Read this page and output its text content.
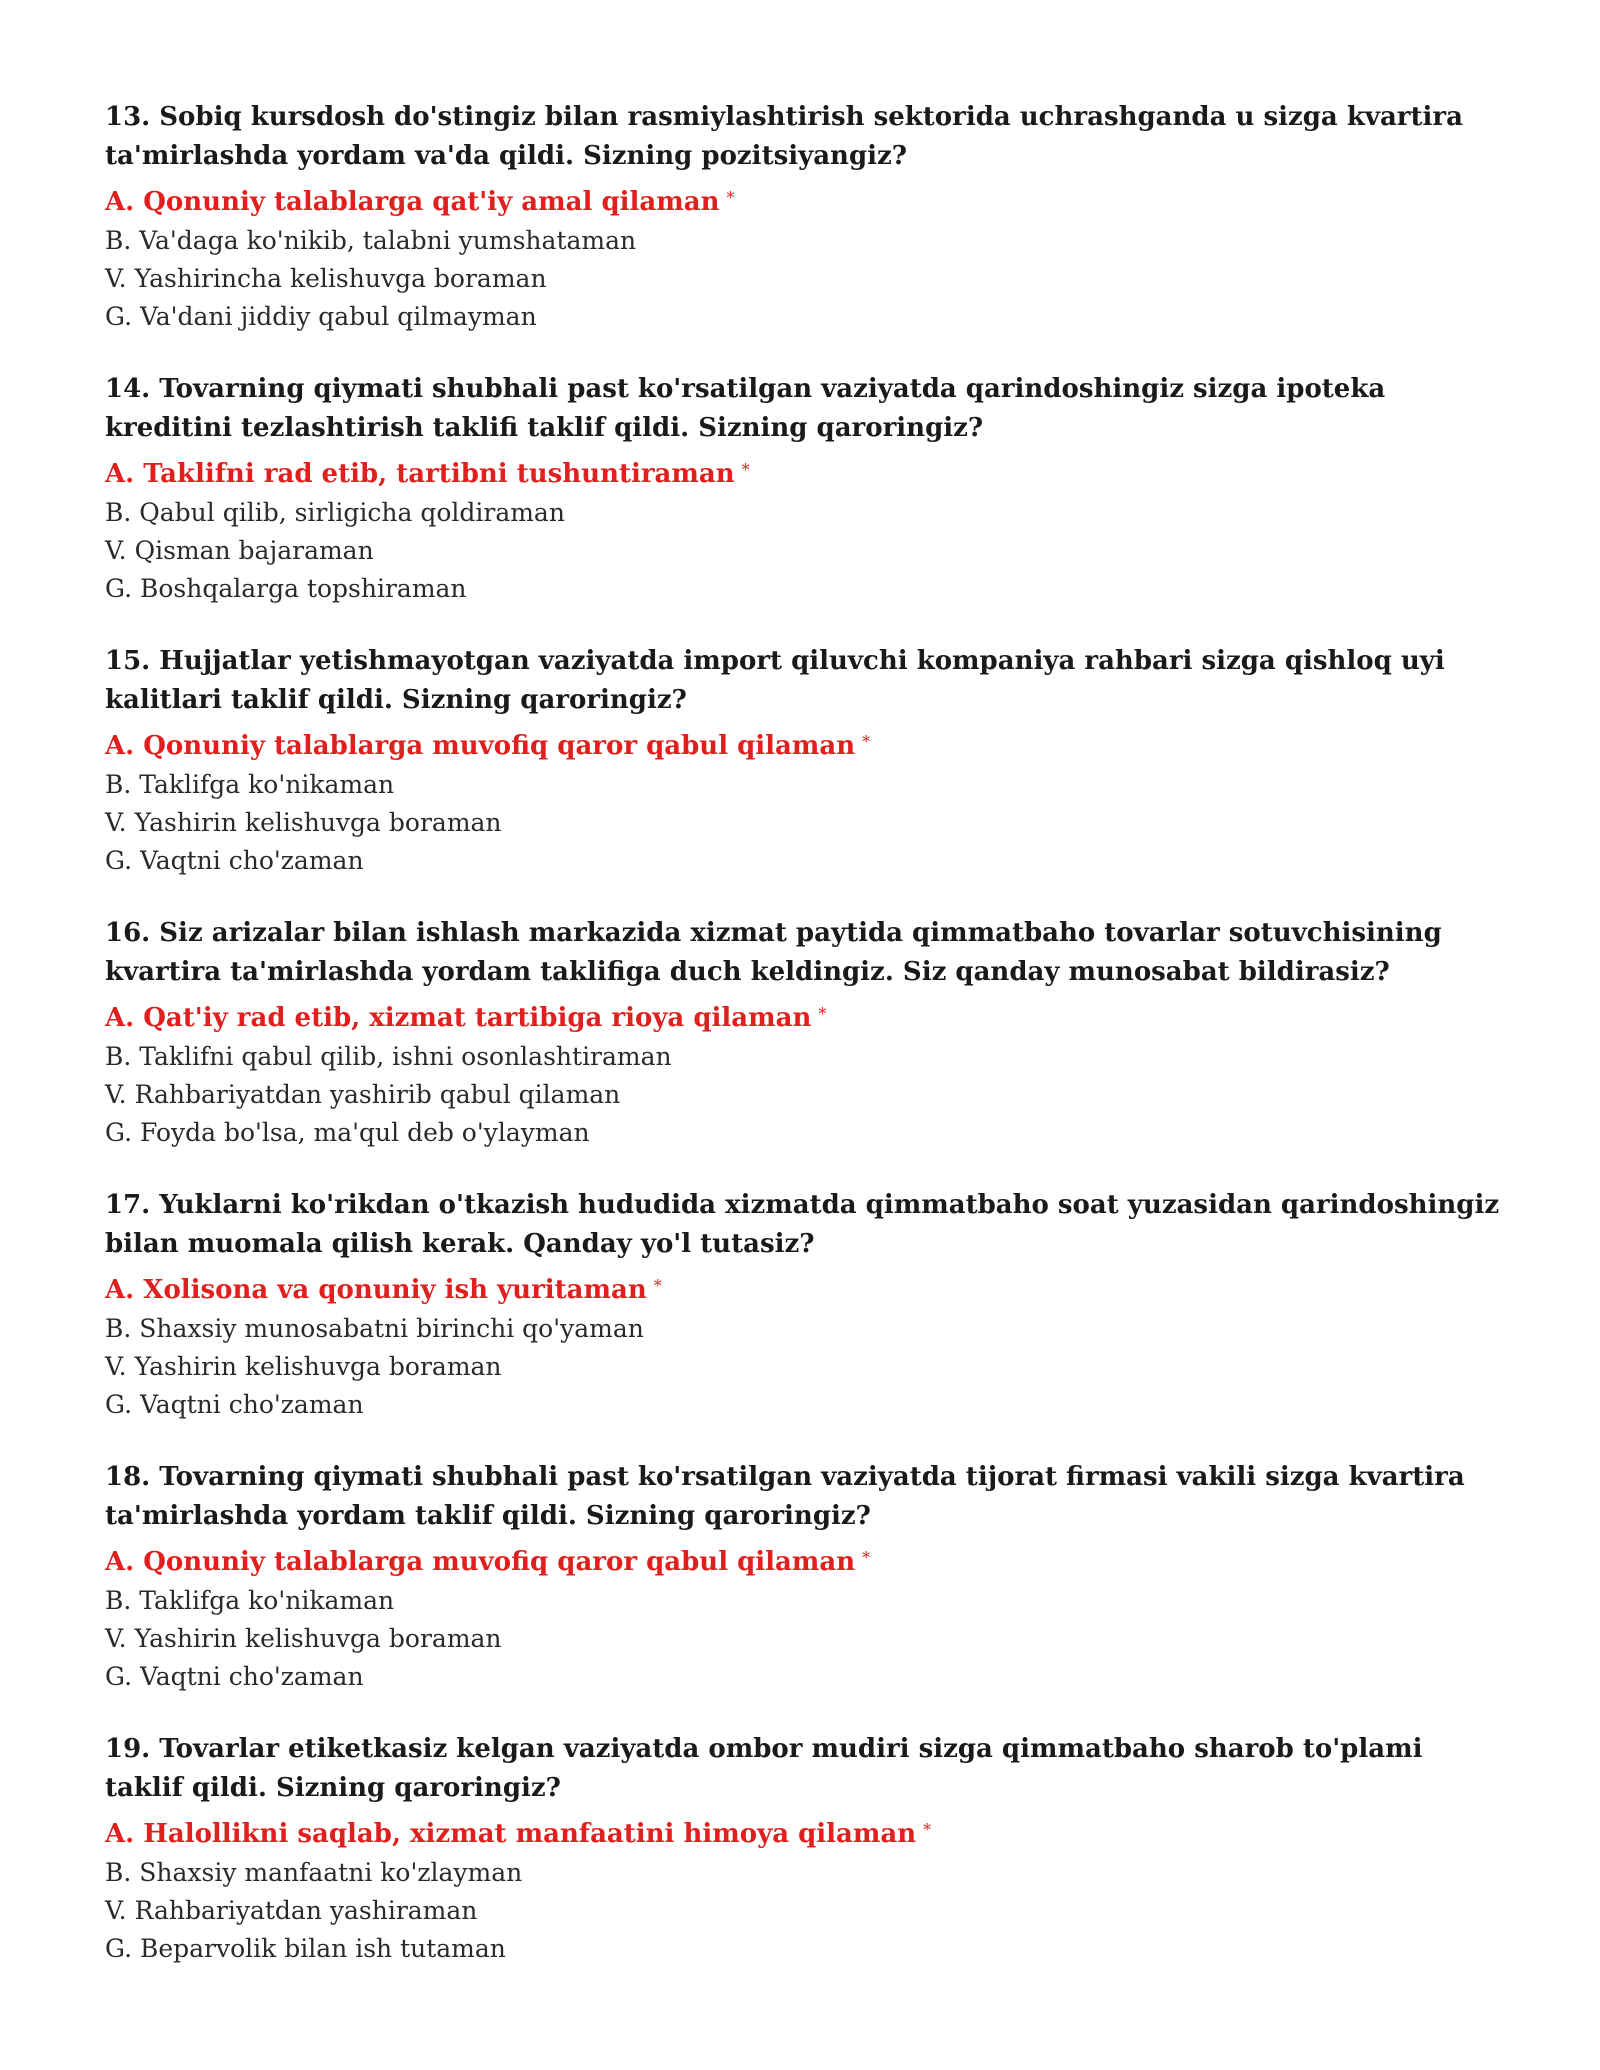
13. Sobiq kursdosh do'stingiz bilan rasmiylashtirish sektorida uchrashganda u sizga kvartira ta'mirlashda yordam va'da qildi. Sizning pozitsiyangiz?
A. Qonuniy talablarga qat'iy amal qilaman *
B. Va'daga ko'nikib, talabni yumshataman
V. Yashirincha kelishuvga boraman
G. Va'dani jiddiy qabul qilmayman
14. Tovarning qiymati shubhali past ko'rsatilgan vaziyatda qarindoshingiz sizga ipoteka kreditini tezlashtirish taklifi taklif qildi. Sizning qaroringiz?
A. Taklifni rad etib, tartibni tushuntiraman *
B. Qabul qilib, sirligicha qoldiraman
V. Qisman bajaraman
G. Boshqalarga topshiraman
15. Hujjatlar yetishmayotgan vaziyatda import qiluvchi kompaniya rahbari sizga qishloq uyi kalitlari taklif qildi. Sizning qaroringiz?
A. Qonuniy talablarga muvofiq qaror qabul qilaman *
B. Taklifga ko'nikaman
V. Yashirin kelishuvga boraman
G. Vaqtni cho'zaman
16. Siz arizalar bilan ishlash markazida xizmat paytida qimmatbaho tovarlar sotuvchisining kvartira ta'mirlashda yordam taklifiga duch keldingiz. Siz qanday munosabat bildirasiz?
A. Qat'iy rad etib, xizmat tartibiga rioya qilaman *
B. Taklifni qabul qilib, ishni osonlashtiraman
V. Rahbariyatdan yashirib qabul qilaman
G. Foyda bo'lsa, ma'qul deb o'ylayman
17. Yuklarni ko'rikdan o'tkazish hududida xizmatda qimmatbaho soat yuzasidan qarindoshingiz bilan muomala qilish kerak. Qanday yo'l tutasiz?
A. Xolisona va qonuniy ish yuritaman *
B. Shaxsiy munosabatni birinchi qo'yaman
V. Yashirin kelishuvga boraman
G. Vaqtni cho'zaman
18. Tovarning qiymati shubhali past ko'rsatilgan vaziyatda tijorat firmasi vakili sizga kvartira ta'mirlashda yordam taklif qildi. Sizning qaroringiz?
A. Qonuniy talablarga muvofiq qaror qabul qilaman *
B. Taklifga ko'nikaman
V. Yashirin kelishuvga boraman
G. Vaqtni cho'zaman
19. Tovarlar etiketkasiz kelgan vaziyatda ombor mudiri sizga qimmatbaho sharob to'plami taklif qildi. Sizning qaroringiz?
A. Halollikni saqlab, xizmat manfaatini himoya qilaman *
B. Shaxsiy manfaatni ko'zlayman
V. Rahbariyatdan yashiraman
G. Beparvolik bilan ish tutaman
